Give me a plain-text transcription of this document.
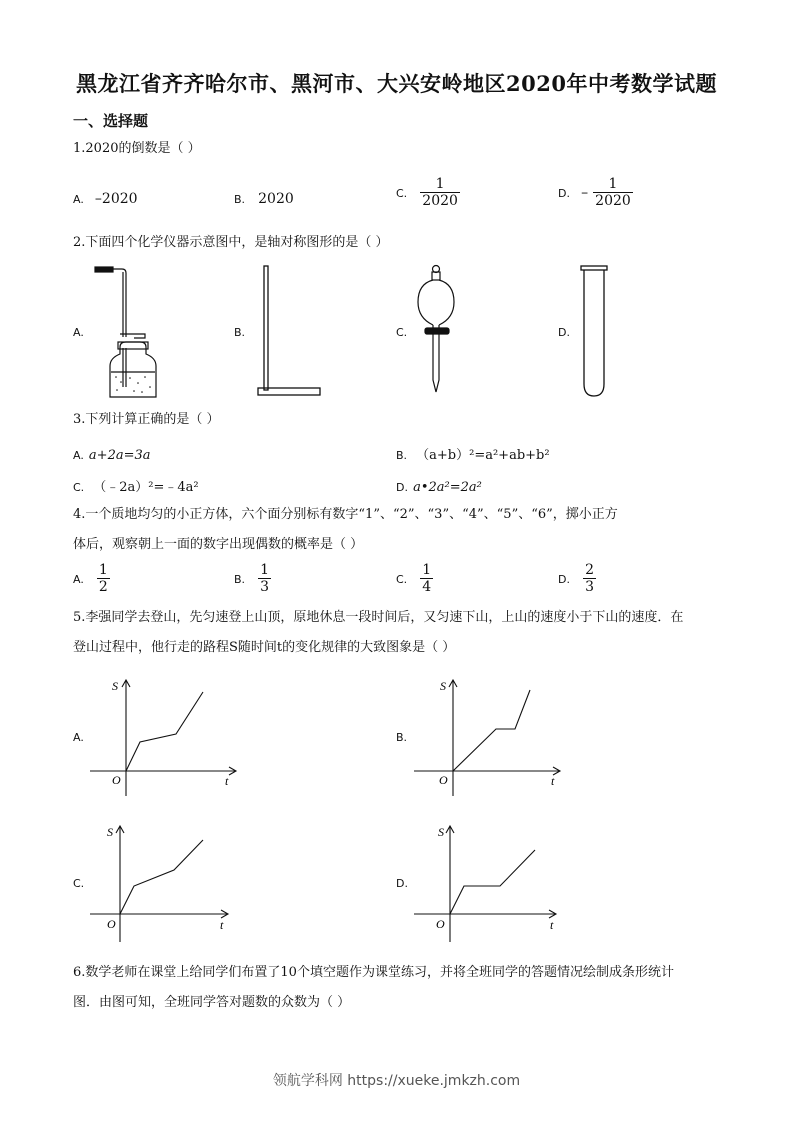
黑龙江省齐齐哈尔市、黑河市、大兴安岭地区2020年中考数学试题
一、选择题
1.2020的倒数是（ ）
A. –2020	B. 2020	C. $\frac{1}{2020}$	D. – $\frac{1}{2020}$
2.下面四个化学仪器示意图中，是轴对称图形的是（ ）
A.	B.	C.	D.
3.下列计算正确的是（ ）
A. a+2a=3a	B. （a+b）²=a²+ab+b²
C. （﹣2a）²=﹣4a²	D. a•2a²=2a²
4.一个质地均匀的小正方体，六个面分别标有数字“1”、“2”、“3”、“4”、“5”、“6”，掷小正方
体后，观察朝上一面的数字出现偶数的概率是（ ）
A. $\frac{1}{2}$	B. $\frac{1}{3}$	C. $\frac{1}{4}$	D. $\frac{2}{3}$
5.李强同学去登山，先匀速登上山顶，原地休息一段时间后，又匀速下山，上山的速度小于下山的速度．在
登山过程中，他行走的路程S随时间t的变化规律的大致图象是（ ）
A.
S
t
O
B.
S
t
O
C.
S
t
O
D.
S
t
O
6.数学老师在课堂上给同学们布置了10个填空题作为课堂练习，并将全班同学的答题情况绘制成条形统计
图．由图可知，全班同学答对题数的众数为（ ）
领航学科网 https://xueke.jmkzh.com
